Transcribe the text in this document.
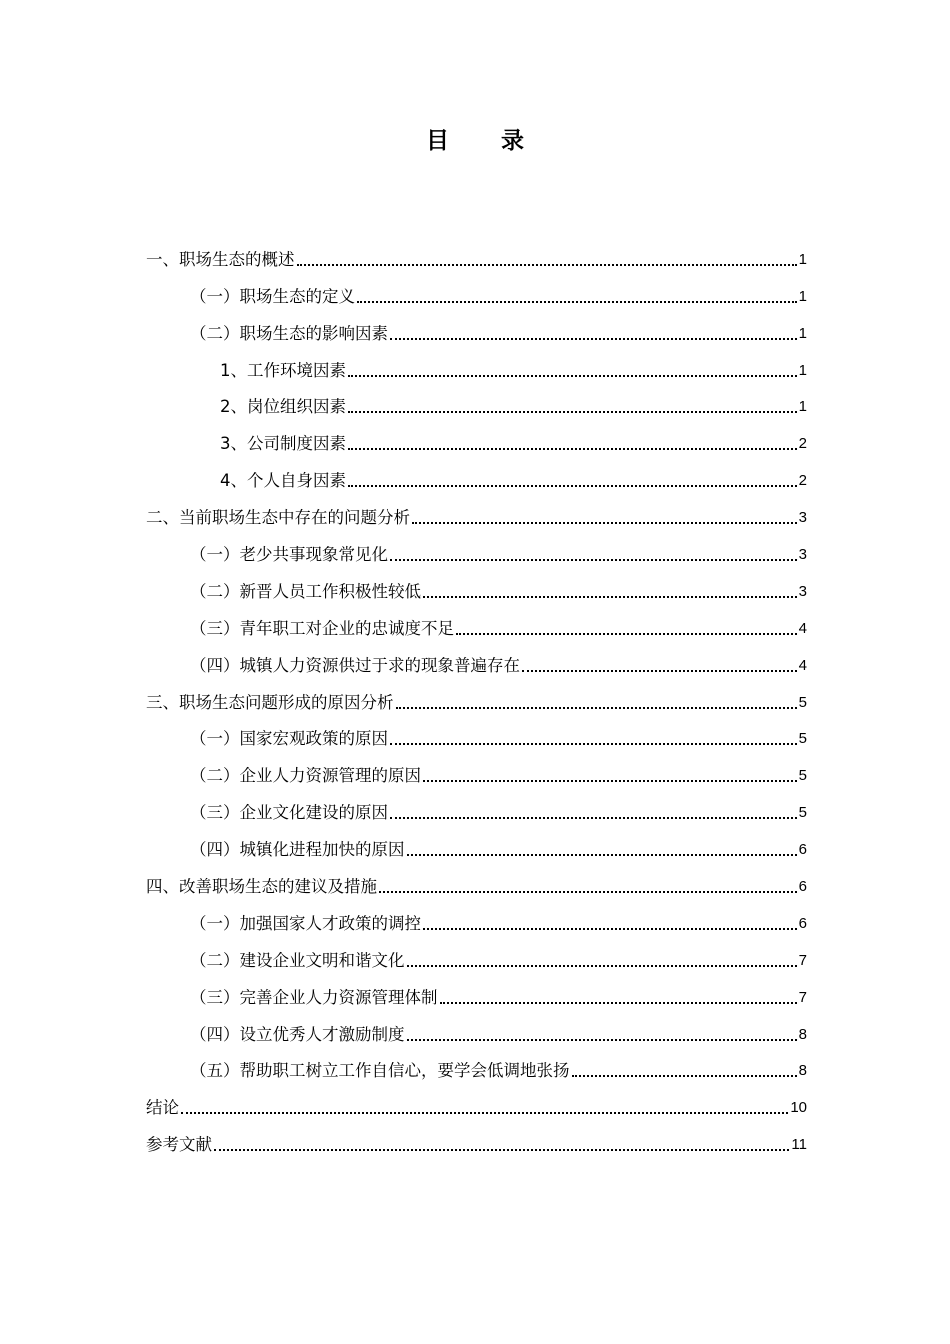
目 录
一、职场生态的概述	1
（一）职场生态的定义	1
（二）职场生态的影响因素	1
1、工作环境因素	1
2、岗位组织因素	1
3、公司制度因素	2
4、个人自身因素	2
二、当前职场生态中存在的问题分析	3
（一）老少共事现象常见化	3
（二）新晋人员工作积极性较低	3
（三）青年职工对企业的忠诚度不足	4
（四）城镇人力资源供过于求的现象普遍存在	4
三、职场生态问题形成的原因分析	5
（一）国家宏观政策的原因	5
（二）企业人力资源管理的原因	5
（三）企业文化建设的原因	5
（四）城镇化进程加快的原因	6
四、改善职场生态的建议及措施	6
（一）加强国家人才政策的调控	6
（二）建设企业文明和谐文化	7
（三）完善企业人力资源管理体制	7
（四）设立优秀人才激励制度	8
（五）帮助职工树立工作自信心，要学会低调地张扬	8
结论	10
参考文献	11
